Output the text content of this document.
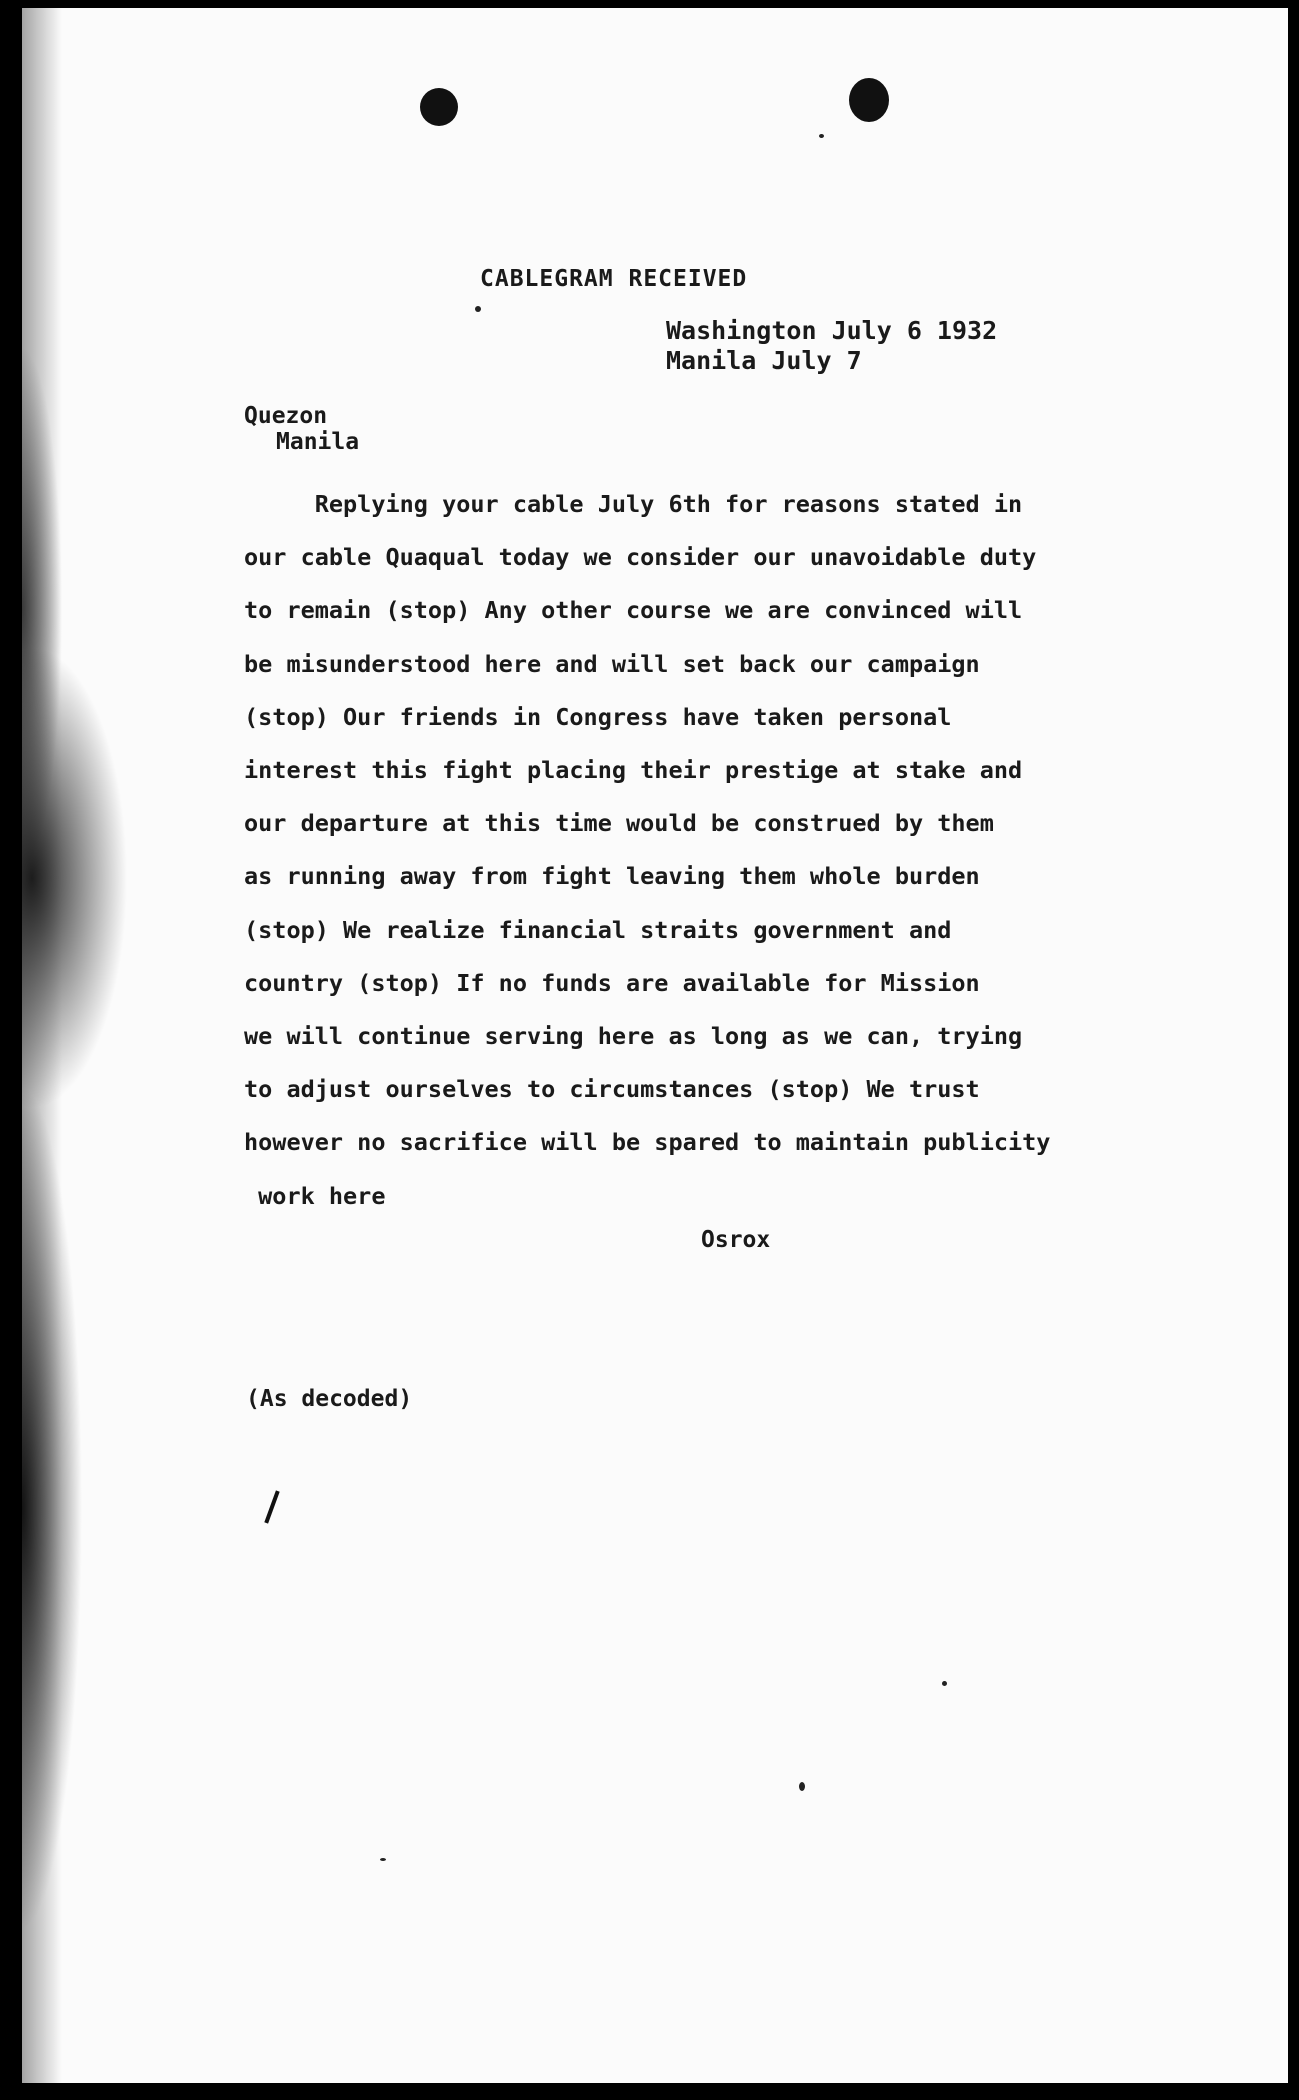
CABLEGRAM RECEIVED
Washington July 6 1932
Manila July 7
Quezon
Manila
Replying your cable July 6th for reasons stated in
our cable Quaqual today we consider our unavoidable duty
to remain (stop) Any other course we are convinced will
be misunderstood here and will set back our campaign
(stop) Our friends in Congress have taken personal
interest this fight placing their prestige at stake and
our departure at this time would be construed by them
as running away from fight leaving them whole burden
(stop) We realize financial straits government and
country (stop) If no funds are available for Mission
we will continue serving here as long as we can, trying
to adjust ourselves to circumstances (stop) We trust
however no sacrifice will be spared to maintain publicity
work here
Osrox
(As decoded)
